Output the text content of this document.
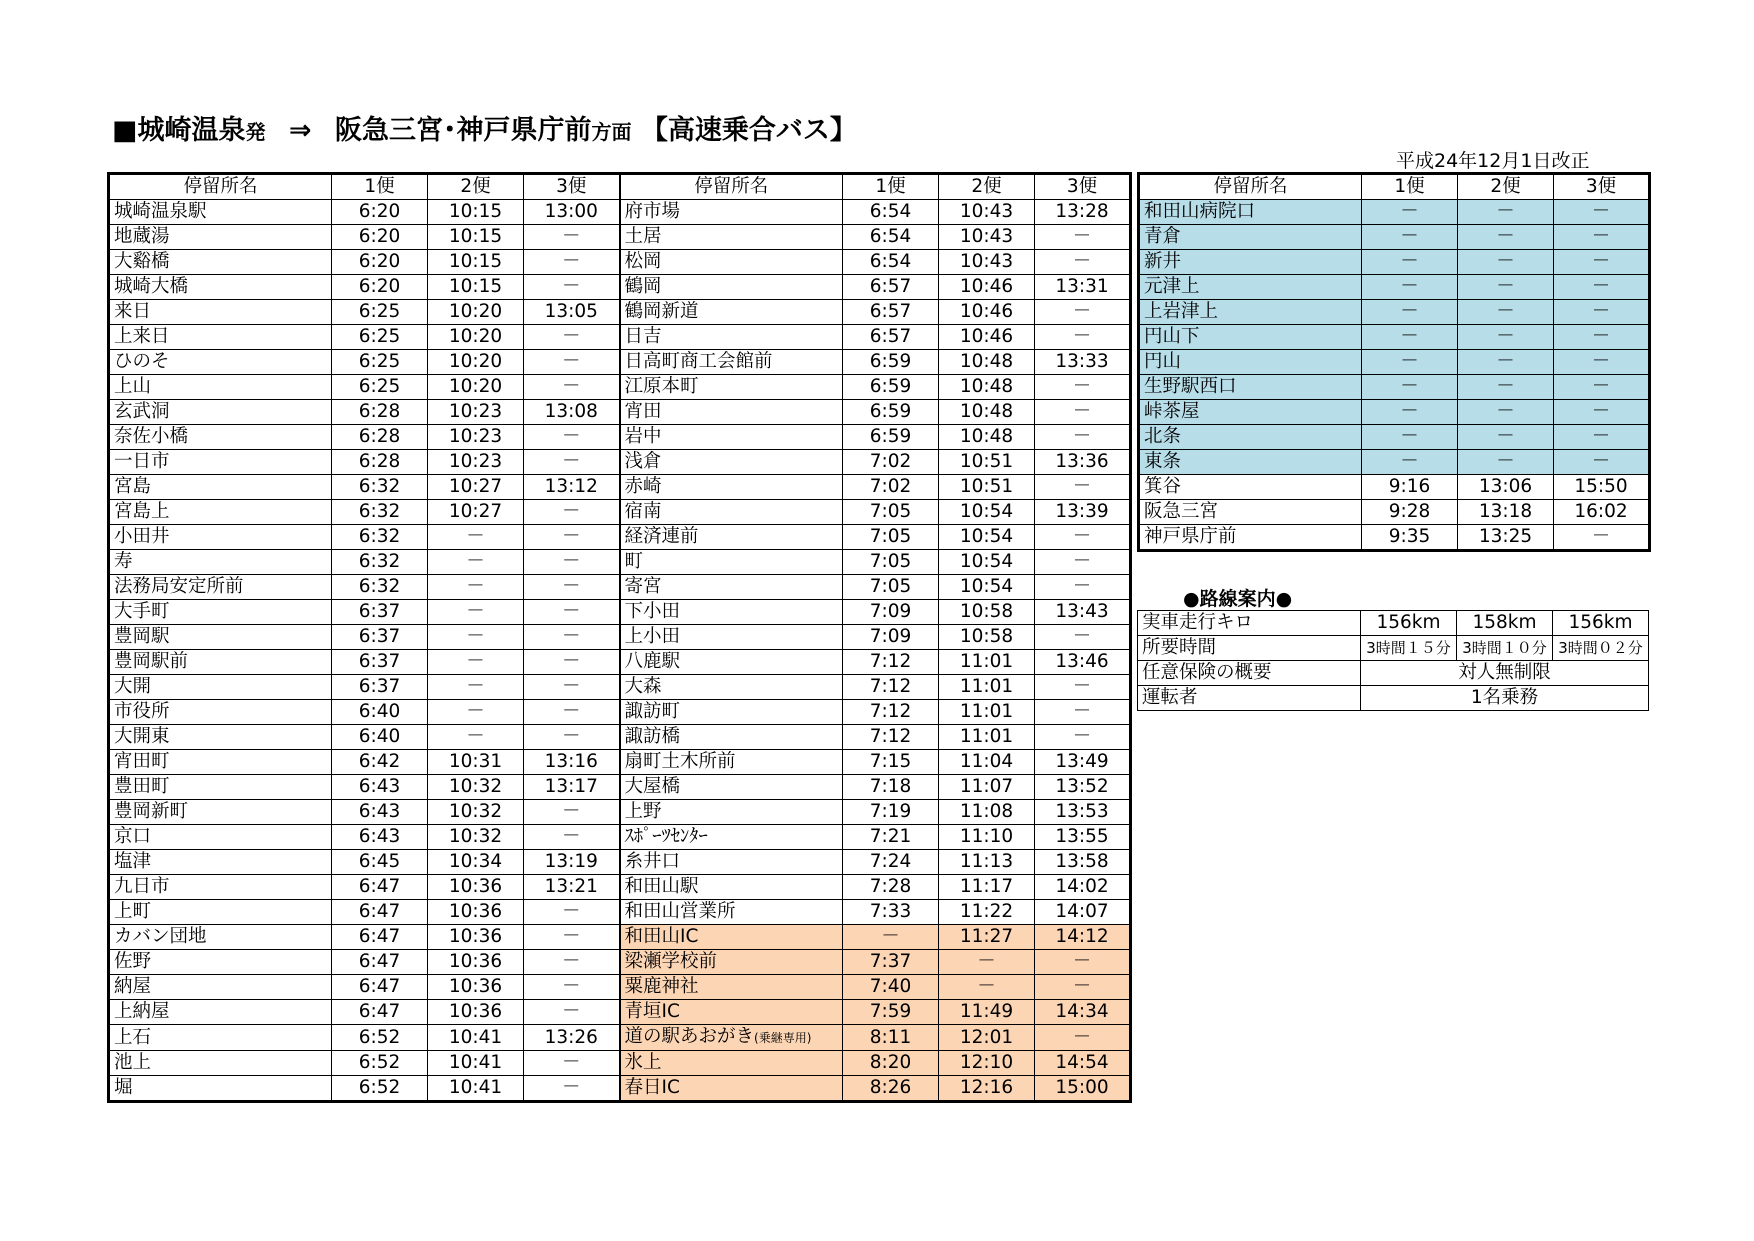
■城崎温泉発 ⇒ 阪急三宮･神戸県庁前方面 【高速乗合バス】
平成24年12月1日改正
停留所名	1便	2便	3便	停留所名	1便	2便	3便
城崎温泉駅	6:20	10:15	13:00	府市場	6:54	10:43	13:28
地蔵湯	6:20	10:15	－	土居	6:54	10:43	－
大谿橋	6:20	10:15	－	松岡	6:54	10:43	－
城崎大橋	6:20	10:15	－	鶴岡	6:57	10:46	13:31
来日	6:25	10:20	13:05	鶴岡新道	6:57	10:46	－
上来日	6:25	10:20	－	日吉	6:57	10:46	－
ひのそ	6:25	10:20	－	日高町商工会館前	6:59	10:48	13:33
上山	6:25	10:20	－	江原本町	6:59	10:48	－
玄武洞	6:28	10:23	13:08	宵田	6:59	10:48	－
奈佐小橋	6:28	10:23	－	岩中	6:59	10:48	－
一日市	6:28	10:23	－	浅倉	7:02	10:51	13:36
宮島	6:32	10:27	13:12	赤崎	7:02	10:51	－
宮島上	6:32	10:27	－	宿南	7:05	10:54	13:39
小田井	6:32	－	－	経済連前	7:05	10:54	－
寿	6:32	－	－	町	7:05	10:54	－
法務局安定所前	6:32	－	－	寄宮	7:05	10:54	－
大手町	6:37	－	－	下小田	7:09	10:58	13:43
豊岡駅	6:37	－	－	上小田	7:09	10:58	－
豊岡駅前	6:37	－	－	八鹿駅	7:12	11:01	13:46
大開	6:37	－	－	大森	7:12	11:01	－
市役所	6:40	－	－	諏訪町	7:12	11:01	－
大開東	6:40	－	－	諏訪橋	7:12	11:01	－
宵田町	6:42	10:31	13:16	扇町土木所前	7:15	11:04	13:49
豊田町	6:43	10:32	13:17	大屋橋	7:18	11:07	13:52
豊岡新町	6:43	10:32	－	上野	7:19	11:08	13:53
京口	6:43	10:32	－	ｽﾎﾟｰﾂｾﾝﾀｰ	7:21	11:10	13:55
塩津	6:45	10:34	13:19	糸井口	7:24	11:13	13:58
九日市	6:47	10:36	13:21	和田山駅	7:28	11:17	14:02
上町	6:47	10:36	－	和田山営業所	7:33	11:22	14:07
カバン団地	6:47	10:36	－	和田山IC	－	11:27	14:12
佐野	6:47	10:36	－	梁瀬学校前	7:37	－	－
納屋	6:47	10:36	－	粟鹿神社	7:40	－	－
上納屋	6:47	10:36	－	青垣IC	7:59	11:49	14:34
上石	6:52	10:41	13:26	道の駅あおがき(乗継専用)	8:11	12:01	－
池上	6:52	10:41	－	氷上	8:20	12:10	14:54
堀	6:52	10:41	－	春日IC	8:26	12:16	15:00
停留所名	1便	2便	3便
和田山病院口	－	－	－
青倉	－	－	－
新井	－	－	－
元津上	－	－	－
上岩津上	－	－	－
円山下	－	－	－
円山	－	－	－
生野駅西口	－	－	－
峠茶屋	－	－	－
北条	－	－	－
東条	－	－	－
箕谷	9:16	13:06	15:50
阪急三宮	9:28	13:18	16:02
神戸県庁前	9:35	13:25	－
●路線案内●
実車走行キロ	156km	158km	156km
所要時間	3時間１５分	3時間１０分	3時間０２分
任意保険の概要	対人無制限		
運転者	1名乗務		
